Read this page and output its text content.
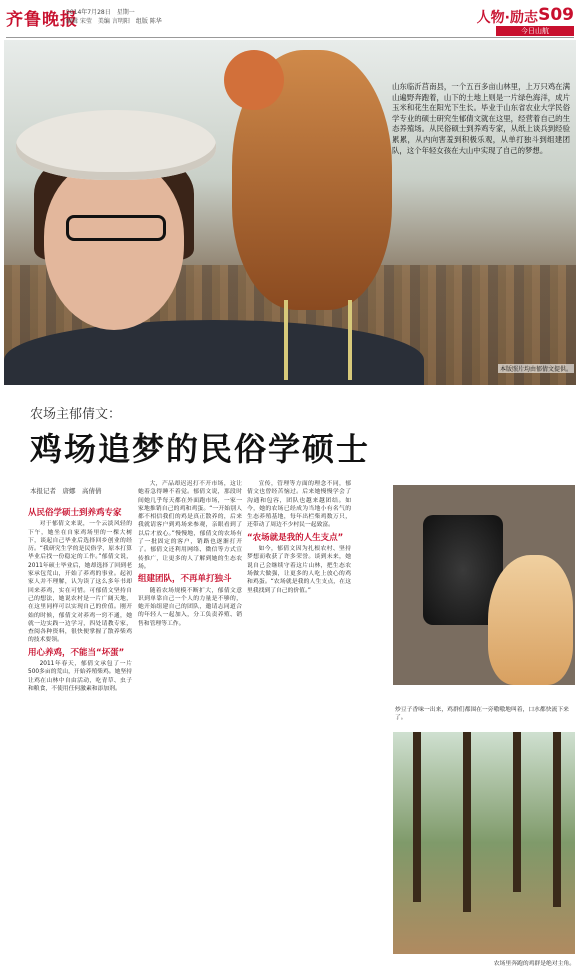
齐鲁晚报
2014年7月28日　星期一
编辑 宋莹　美编 言明阳　组版 陈华	人物·励志 S09
今日山航
山东临沂莒南县，一个五百多亩山林里，上万只鸡在满山遍野奔跑着，山下的土地上则是一片绿色海洋，成片玉米和花生在阳光下生长。毕业于山东省农业大学民俗学专业的硕士研究生郁倩文就在这里，经营着自己的生态养殖场。从民俗硕士到养鸡专家，从纸上谈兵到经验累累，从内向害羞到积极乐观，从单打独斗到组建团队，这个年轻女孩在大山中实现了自己的梦想。
本版照片均由郁倩文提供。
农场主郁倩文：
鸡场追梦的民俗学硕士
本报记者　唐娜　高倩倩
从民俗学硕士到养鸡专家

对于郁倩文来说，一个云淡风轻的下午，她坐在自家鸡场里的一棵大树下，谈起自己毕业后选择回乡创业的经历。“我研究生学的是民俗学，原本打算毕业后找一份稳定的工作。”郁倩文说，2011年硕士毕业后，她却选择了回到老家承包荒山，开始了养鸡的事业。起初家人并不理解，认为读了这么多年书却回来养鸡，实在可惜。可郁倩文坚持自己的想法，她说农村是一片广阔天地，在这里同样可以实现自己的价值。刚开始的时候，郁倩文对养鸡一窍不通，她就一边实践一边学习，四处请教专家，查阅各种资料，很快便掌握了散养柴鸡的技术要领。

用心养鸡，不能当“坏蛋”

2011年春天，郁倩文承包了一片500多亩的荒山，开始养殖柴鸡。她坚持让鸡在山林中自由活动，吃青草、虫子和粮食，不使用任何激素和添加剂。

大，产品却迟迟打不开市场，这让她着急得睡不着觉。郁倩文说，那段时间她几乎每天都在外面跑市场，一家一家地推销自己的鸡和鸡蛋。“一开始别人都不相信我们的鸡是真正散养的，后来我就请客户到鸡场来参观，亲眼看到了以后才放心。”慢慢地，郁倩文的农场有了一批固定的客户，销路也逐渐打开了。郁倩文还利用网络、微信等方式宣传推广，让更多的人了解到她的生态农场。

组建团队，不再单打独斗

随着农场规模不断扩大，郁倩文意识到单靠自己一个人的力量是不够的，她开始组建自己的团队，邀请志同道合的年轻人一起加入，分工负责养殖、销售和管理等工作。

宣传，管理等方面的理念不同，郁倩文也曾经苦恼过。后来她慢慢学会了沟通和包容，团队也越来越团结。如今，她的农场已经成为当地小有名气的生态养殖基地，每年出栏柴鸡数万只，还带动了周边不少村民一起致富。

“农场就是我的人生支点”

如今，郁倩文因为扎根农村、坚持梦想而收获了许多荣誉。谈到未来，她说自己会继续守着这片山林，把生态农场做大做强，让更多的人吃上放心的鸡和鸡蛋。“农场就是我的人生支点，在这里我找到了自己的价值。”

炒豆子香味一出来，鸡群们都围在一旁嗷嗷地叫着，口水都快流下来了。
农场里奔跑的鸡群是绝对主角。
